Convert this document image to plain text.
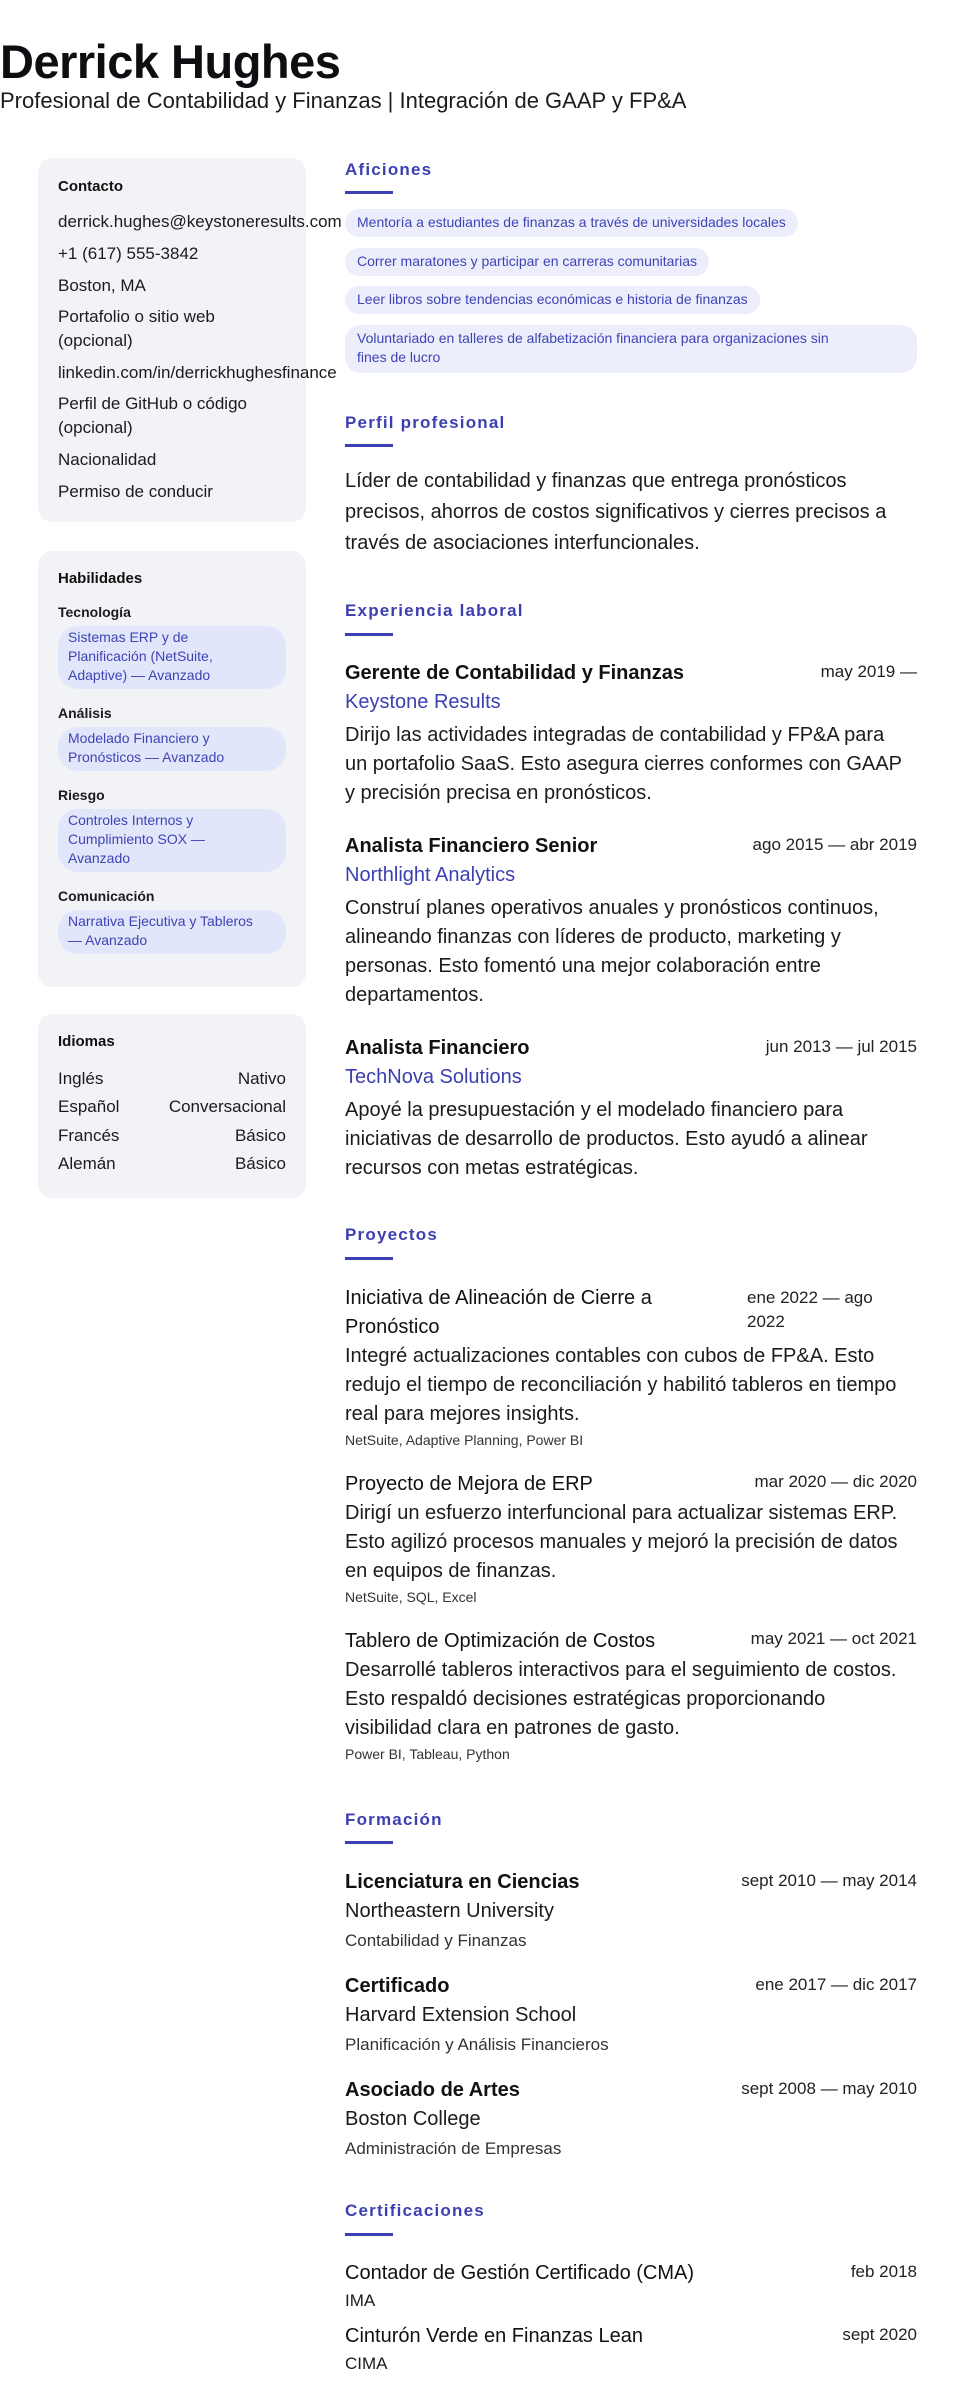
Derrick Hughes
Profesional de Contabilidad y Finanzas | Integración de GAAP y FP&A
Contacto
derrick.hughes@keystoneresults.com
+1 (617) 555-3842
Boston, MA
Portafolio o sitio web
(opcional)
linkedin.com/in/derrickhughesfinance
Perfil de GitHub o código
(opcional)
Nacionalidad
Permiso de conducir
Habilidades
Tecnología
Sistemas ERP y de
Planificación (NetSuite,
Adaptive) — Avanzado
Análisis
Modelado Financiero y
Pronósticos — Avanzado
Riesgo
Controles Internos y
Cumplimiento SOX —
Avanzado
Comunicación
Narrativa Ejecutiva y Tableros
— Avanzado
Idiomas
Inglés	Nativo
Español	Conversacional
Francés	Básico
Alemán	Básico
Aficiones
Mentoría a estudiantes de finanzas a través de universidades locales
Correr maratones y participar en carreras comunitarias
Leer libros sobre tendencias económicas e historia de finanzas
Voluntariado en talleres de alfabetización financiera para organizaciones sin
fines de lucro
Perfil profesional
Líder de contabilidad y finanzas que entrega pronósticos
precisos, ahorros de costos significativos y cierres precisos a
través de asociaciones interfuncionales.
Experiencia laboral
Gerente de Contabilidad y Finanzas	may 2019 —
Keystone Results
Dirijo las actividades integradas de contabilidad y FP&A para
un portafolio SaaS. Esto asegura cierres conformes con GAAP
y precisión precisa en pronósticos.
Analista Financiero Senior	ago 2015 — abr 2019
Northlight Analytics
Construí planes operativos anuales y pronósticos continuos,
alineando finanzas con líderes de producto, marketing y
personas. Esto fomentó una mejor colaboración entre
departamentos.
Analista Financiero	jun 2013 — jul 2015
TechNova Solutions
Apoyé la presupuestación y el modelado financiero para
iniciativas de desarrollo de productos. Esto ayudó a alinear
recursos con metas estratégicas.
Proyectos
Iniciativa de Alineación de Cierre a
Pronóstico
ene 2022 — ago
2022
Integré actualizaciones contables con cubos de FP&A. Esto
redujo el tiempo de reconciliación y habilitó tableros en tiempo
real para mejores insights.
NetSuite, Adaptive Planning, Power BI
Proyecto de Mejora de ERP	mar 2020 — dic 2020
Dirigí un esfuerzo interfuncional para actualizar sistemas ERP.
Esto agilizó procesos manuales y mejoró la precisión de datos
en equipos de finanzas.
NetSuite, SQL, Excel
Tablero de Optimización de Costos	may 2021 — oct 2021
Desarrollé tableros interactivos para el seguimiento de costos.
Esto respaldó decisiones estratégicas proporcionando
visibilidad clara en patrones de gasto.
Power BI, Tableau, Python
Formación
Licenciatura en Ciencias	sept 2010 — may 2014
Northeastern University
Contabilidad y Finanzas
Certificado	ene 2017 — dic 2017
Harvard Extension School
Planificación y Análisis Financieros
Asociado de Artes	sept 2008 — may 2010
Boston College
Administración de Empresas
Certificaciones
Contador de Gestión Certificado (CMA)	feb 2018
IMA
Cinturón Verde en Finanzas Lean	sept 2020
CIMA
